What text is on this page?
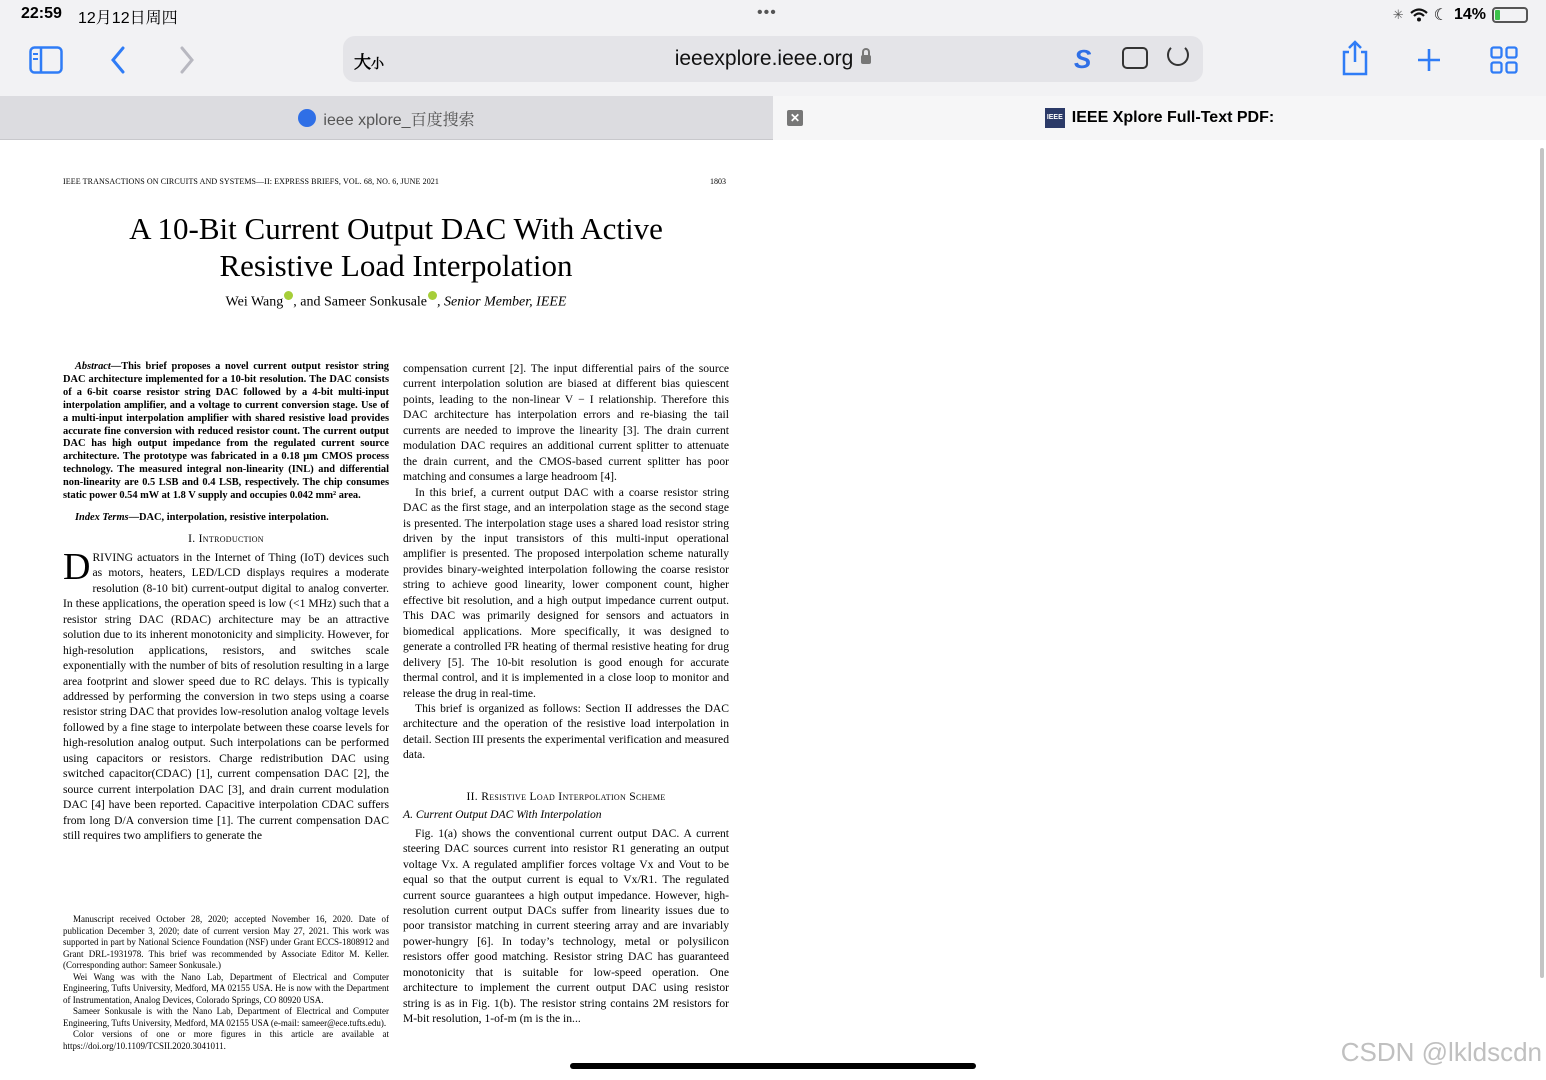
22:59 12月12日周四	•••	✳ ☾ 14%
大小	ieeexplore.ieee.org	S
ieee xplore_百度搜索	✕	IEEE IEEE Xplore Full-Text PDF:
IEEE TRANSACTIONS ON CIRCUITS AND SYSTEMS—II: EXPRESS BRIEFS, VOL. 68, NO. 6, JUNE 2021	1803
A 10-Bit Current Output DAC With Active
Resistive Load Interpolation
Wei Wang , and Sameer Sonkusale , Senior Member, IEEE
Abstract—This brief proposes a novel current output resistor string DAC architecture implemented for a 10-bit resolution. The DAC consists of a 6-bit coarse resistor string DAC followed by a 4-bit multi-input interpolation amplifier, and a voltage to current conversion stage. Use of a multi-input interpolation amplifier with shared resistive load provides accurate fine conversion with reduced resistor count. The current output DAC has high output impedance from the regulated current source architecture. The prototype was fabricated in a 0.18 μm CMOS process technology. The measured integral non-linearity (INL) and differential non-linearity are 0.5 LSB and 0.4 LSB, respectively. The chip consumes static power 0.54 mW at 1.8 V supply and occupies 0.042 mm² area.
Index Terms—DAC, interpolation, resistive interpolation.
I. Introduction
DRIVING actuators in the Internet of Thing (IoT) devices such as motors, heaters, LED/LCD displays requires a moderate resolution (8-10 bit) current-output digital to analog converter. In these applications, the operation speed is low (<1 MHz) such that a resistor string DAC (RDAC) architecture may be an attractive solution due to its inherent monotonicity and simplicity. However, for high-resolution applications, resistors, and switches scale exponentially with the number of bits of resolution resulting in a large area footprint and slower speed due to RC delays. This is typically addressed by performing the conversion in two steps using a coarse resistor string DAC that provides low-resolution analog voltage levels followed by a fine stage to interpolate between these coarse levels for high-resolution analog output. Such interpolations can be performed using capacitors or resistors. Charge redistribution DAC using switched capacitor(CDAC) [1], current compensation DAC [2], the source current interpolation DAC [3], and drain current modulation DAC [4] have been reported. Capacitive interpolation CDAC suffers from long D/A conversion time [1]. The current compensation DAC still requires two amplifiers to generate the
Manuscript received October 28, 2020; accepted November 16, 2020. Date of publication December 3, 2020; date of current version May 27, 2021. This work was supported in part by National Science Foundation (NSF) under Grant ECCS-1808912 and Grant DRL-1931978. This brief was recommended by Associate Editor M. Keller. (Corresponding author: Sameer Sonkusale.)
Wei Wang was with the Nano Lab, Department of Electrical and Computer Engineering, Tufts University, Medford, MA 02155 USA. He is now with the Department of Instrumentation, Analog Devices, Colorado Springs, CO 80920 USA.
Sameer Sonkusale is with the Nano Lab, Department of Electrical and Computer Engineering, Tufts University, Medford, MA 02155 USA (e-mail: sameer@ece.tufts.edu).
Color versions of one or more figures in this article are available at https://doi.org/10.1109/TCSII.2020.3041011.
compensation current [2]. The input differential pairs of the source current interpolation solution are biased at different bias quiescent points, leading to the non-linear V − I relationship. Therefore this DAC architecture has interpolation errors and re-biasing the tail currents are needed to improve the linearity [3]. The drain current modulation DAC requires an additional current splitter to attenuate the drain current, and the CMOS-based current splitter has poor matching and consumes a large headroom [4].
In this brief, a current output DAC with a coarse resistor string DAC as the first stage, and an interpolation stage as the second stage is presented. The interpolation stage uses a shared load resistor string driven by the input transistors of this multi-input operational amplifier is presented. The proposed interpolation scheme naturally provides binary-weighted interpolation following the coarse resistor string to achieve good linearity, lower component count, higher effective bit resolution, and a high output impedance current output. This DAC was primarily designed for sensors and actuators in biomedical applications. More specifically, it was designed to generate a controlled I²R heating of thermal resistive heating for drug delivery [5]. The 10-bit resolution is good enough for accurate thermal control, and it is implemented in a close loop to monitor and release the drug in real-time.
This brief is organized as follows: Section II addresses the DAC architecture and the operation of the resistive load interpolation in detail. Section III presents the experimental verification and measured data.
II. Resistive Load Interpolation Scheme
A. Current Output DAC With Interpolation
Fig. 1(a) shows the conventional current output DAC. A current steering DAC sources current into resistor R1 generating an output voltage Vx. A regulated amplifier forces voltage Vx and Vout to be equal so that the output current is equal to Vx/R1. The regulated current source guarantees a high output impedance. However, high-resolution current output DACs suffer from linearity issues due to poor transistor matching in current steering array and are invariably power-hungry [6]. In today’s technology, metal or polysilicon resistors offer good matching. Resistor string DAC has guaranteed monotonicity that is suitable for low-speed operation. One architecture to implement the current output DAC using resistor string is as in Fig. 1(b). The resistor string contains 2M resistors for M-bit resolution, 1-of-m (m is the in...
CSDN @lkldscdn
